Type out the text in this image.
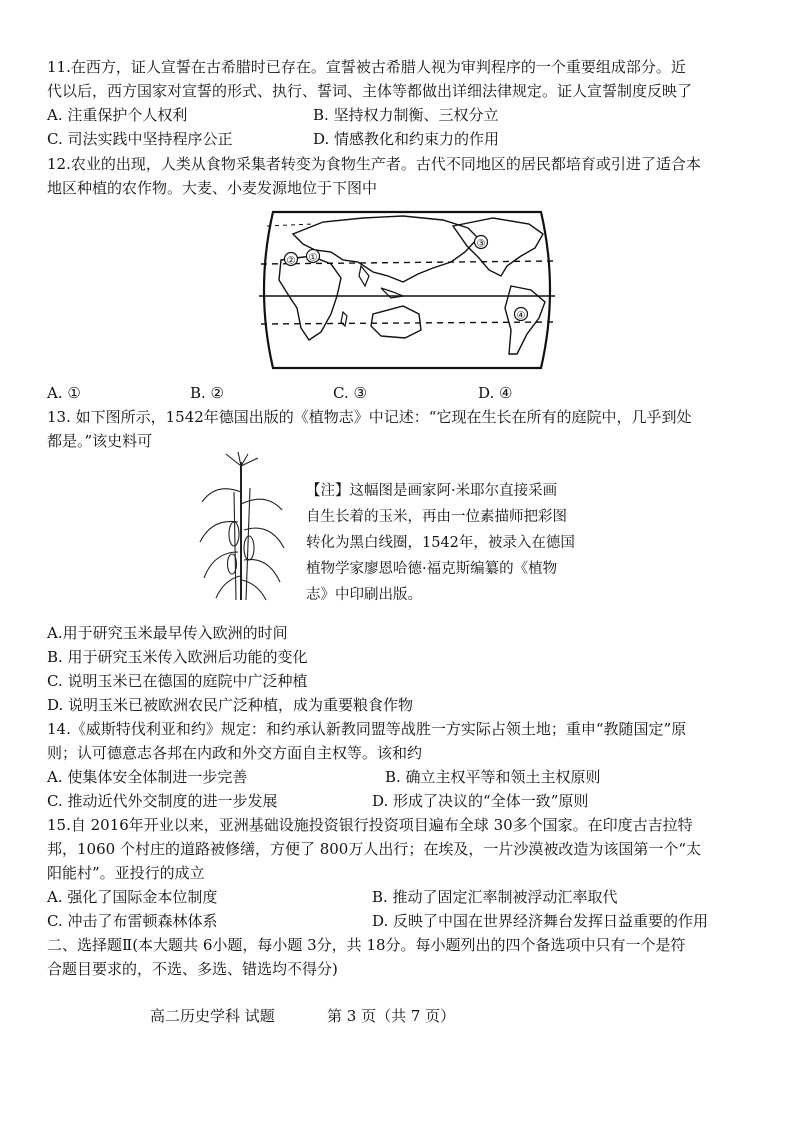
11.在西方，证人宣誓在古希腊时已存在。宣誓被古希腊人视为审判程序的一个重要组成部分。近
代以后，西方国家对宣誓的形式、执行、誓词、主体等都做出详细法律规定。证人宣誓制度反映了
A. 注重保护个人权利	B. 坚持权力制衡、三权分立
C. 司法实践中坚持程序公正	D. 情感教化和约束力的作用
12.农业的出现，人类从食物采集者转变为食物生产者。古代不同地区的居民都培育或引进了适合本
地区种植的农作物。大麦、小麦发源地位于下图中
② ①
③
④
A. ①	B. ②	C. ③	D. ④
13. 如下图所示，1542年德国出版的《植物志》中记述：“它现在生长在所有的庭院中，几乎到处
都是。”该史料可
【注】这幅图是画家阿·米耶尔直接采画
自生长着的玉米，再由一位素描师把彩图
转化为黑白线圈，1542年，被录入在德国
植物学家廖恩哈德·福克斯编纂的《植物
志》中印刷出版。
A.用于研究玉米最早传入欧洲的时间
B. 用于研究玉米传入欧洲后功能的变化
C. 说明玉米已在德国的庭院中广泛种植
D. 说明玉米已被欧洲农民广泛种植，成为重要粮食作物
14.《威斯特伐利亚和约》规定：和约承认新教同盟等战胜一方实际占领土地；重申“教随国定”原
则；认可德意志各邦在内政和外交方面自主权等。该和约
A. 使集体安全体制进一步完善	B. 确立主权平等和领土主权原则
C. 推动近代外交制度的进一步发展	D. 形成了决议的“全体一致”原则
15.自 2016年开业以来，亚洲基础设施投资银行投资项目遍布全球 30多个国家。在印度古吉拉特
邦，1060 个村庄的道路被修缮，方便了 800万人出行；在埃及，一片沙漠被改造为该国第一个“太
阳能村”。亚投行的成立
A. 强化了国际金本位制度	B. 推动了固定汇率制被浮动汇率取代
C. 冲击了布雷顿森林体系	D. 反映了中国在世界经济舞台发挥日益重要的作用
二、选择题Ⅱ(本大题共 6小题，每小题 3分，共 18分。每小题列出的四个备选项中只有一个是符
合题目要求的，不选、多选、错选均不得分)
高二历史学科 试题	第 3 页（共 7 页）
